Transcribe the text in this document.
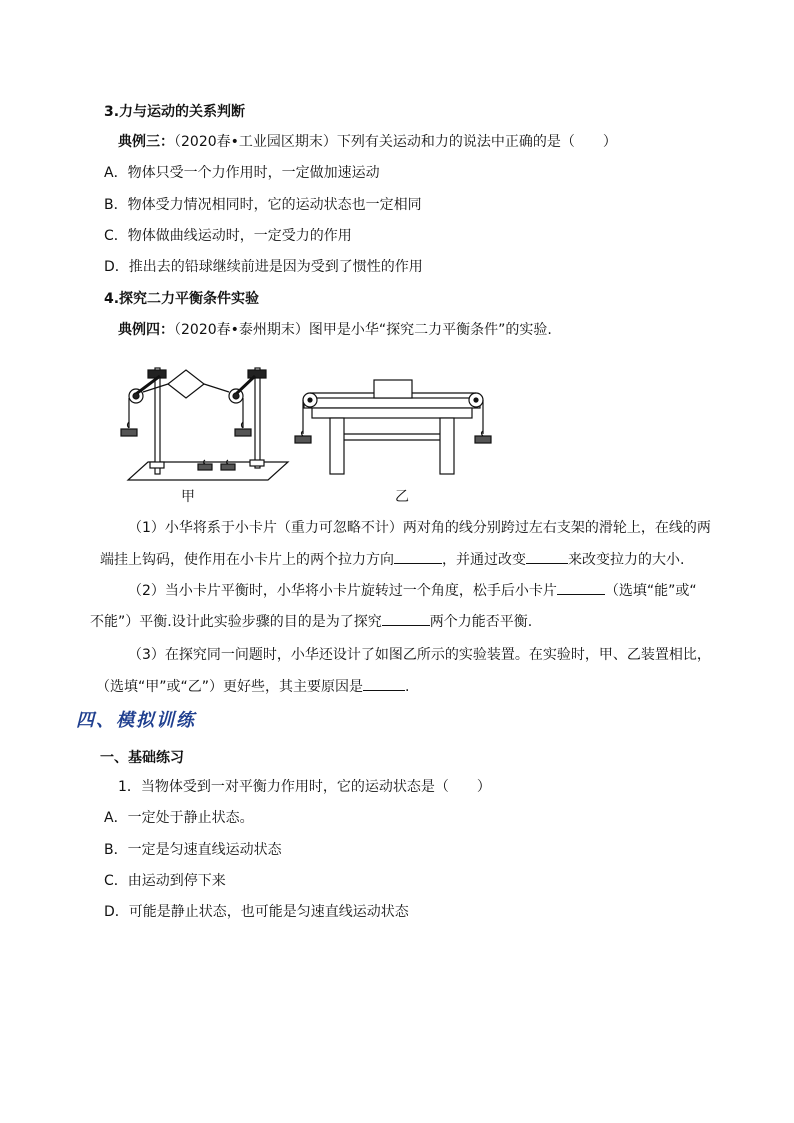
3.力与运动的关系判断
典例三：（2020春•工业园区期末）下列有关运动和力的说法中正确的是（　　）
A．物体只受一个力作用时，一定做加速运动
B．物体受力情况相同时，它的运动状态也一定相同
C．物体做曲线运动时，一定受力的作用
D．推出去的铅球继续前进是因为受到了惯性的作用
4.探究二力平衡条件实验
典例四：（2020春•泰州期末）图甲是小华“探究二力平衡条件”的实验.
甲	乙
（1）小华将系于小卡片（重力可忽略不计）两对角的线分别跨过左右支架的滑轮上，在线的两
端挂上钩码，使作用在小卡片上的两个拉力方向	，并通过改变	来改变拉力的大小.
（2）当小卡片平衡时，小华将小卡片旋转过一个角度，松手后小卡片	（选填“能”或“
不能”）平衡.设计此实验步骤的目的是为了探究	两个力能否平衡.
（3）在探究同一问题时，小华还设计了如图乙所示的实验装置。在实验时，甲、乙装置相比，
（选填“甲”或“乙”）更好些，其主要原因是	.
四、模拟训练
一、基础练习
1．当物体受到一对平衡力作用时，它的运动状态是（　　）
A．一定处于静止状态。
B．一定是匀速直线运动状态
C．由运动到停下来
D．可能是静止状态，也可能是匀速直线运动状态
